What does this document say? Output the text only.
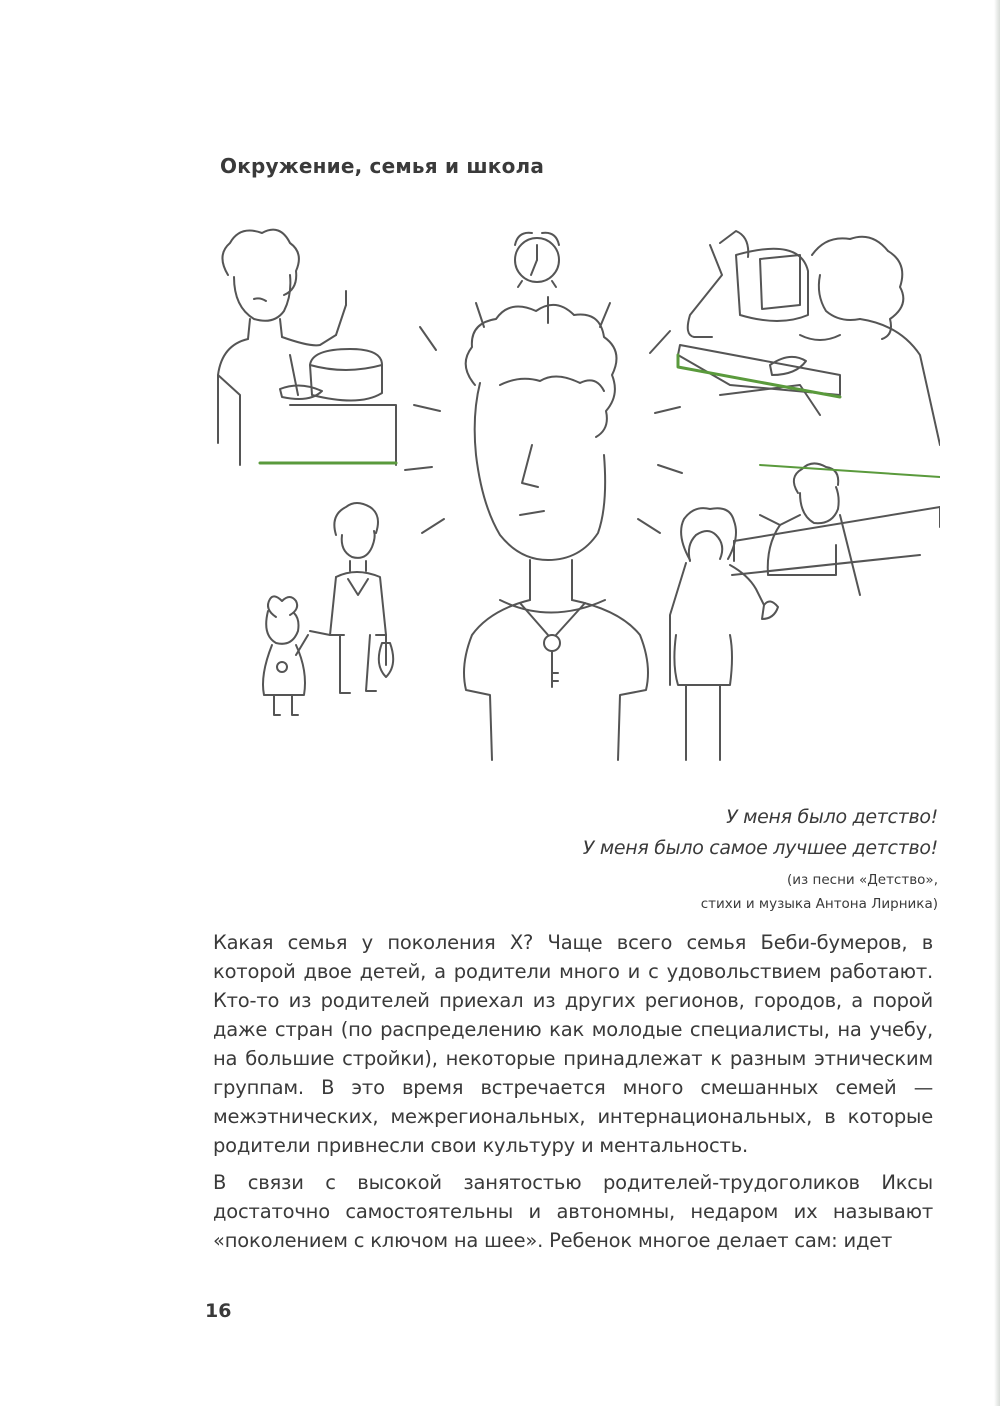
Окружение, семья и школа
У меня было детство!
У меня было самое лучшее детство!
(из песни «Детство»,
стихи и музыка Антона Лирника)

Какая семья у поколения Х? Чаще всего семья Беби-бумеров, в которой двое детей, а родители много и с удовольствием работают. Кто-то из родителей приехал из других регионов, городов, а порой даже стран (по распределению как молодые специалисты, на учебу, на большие стройки), некоторые принадлежат к разным этническим группам. В это время встречается много смешанных семей — межэтнических, межрегиональных, интернациональных, в которые родители привнесли свои культуру и ментальность.

В связи с высокой занятостью родителей-трудоголиков Иксы достаточно самостоятельны и автономны, недаром их называют «поколением с ключом на шее». Ребенок многое делает сам: идет

16
